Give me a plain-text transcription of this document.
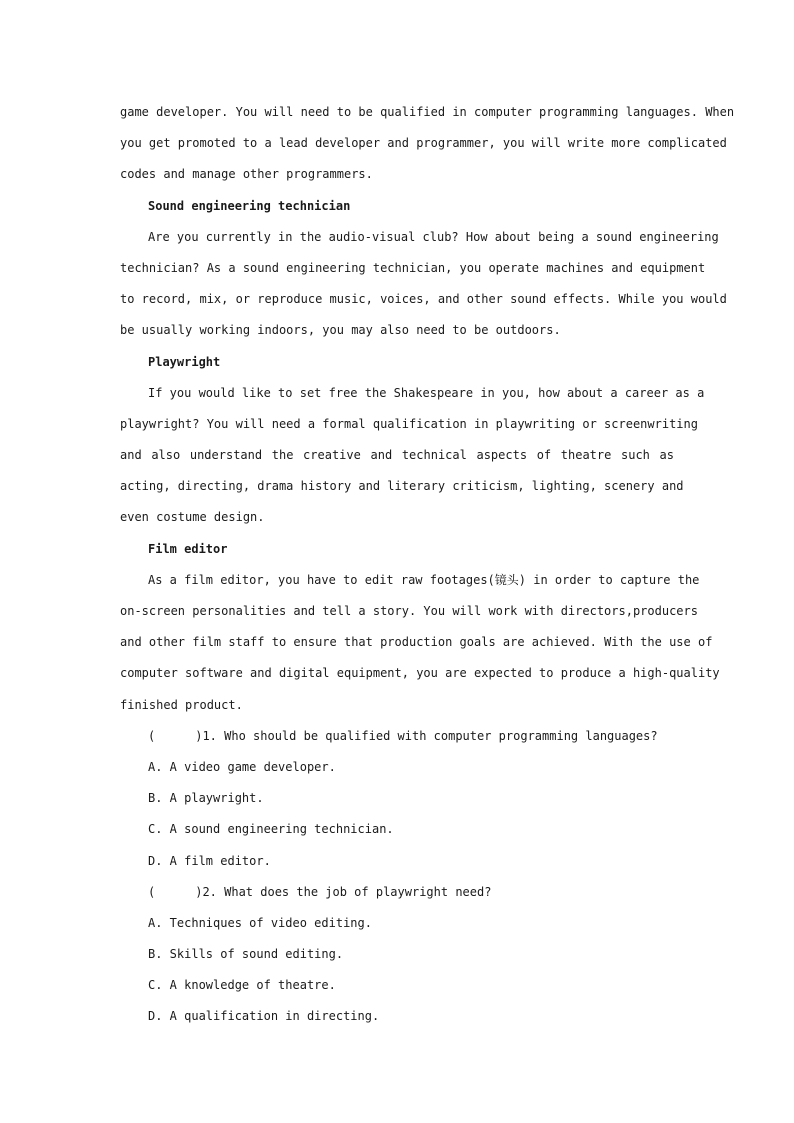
game developer. You will need to be qualified in computer programming languages. When
you get promoted to a lead developer and programmer, you will write more complicated
codes and manage other programmers.
Sound engineering technician
Are you currently in the audio-visual club? How about being a sound engineering
technician? As a sound engineering technician, you operate machines and equipment
to record, mix, or reproduce music, voices, and other sound effects. While you would
be usually working indoors, you may also need to be outdoors.
Playwright
If you would like to set free the Shakespeare in you, how about a career as a
playwright? You will need a formal qualification in playwriting or screenwriting
and also understand the creative and technical aspects of theatre such as
acting, directing, drama history and literary criticism, lighting, scenery and
even costume design.
Film editor
As a film editor, you have to edit raw footages(镜头) in order to capture the
on-screen personalities and tell a story. You will work with directors,producers
and other film staff to ensure that production goals are achieved. With the use of
computer software and digital equipment, you are expected to produce a high-quality
finished product.
(	)1. Who should be qualified with computer programming languages?
A. A video game developer.
B. A playwright.
C. A sound engineering technician.
D. A film editor.
(	)2. What does the job of playwright need?
A. Techniques of video editing.
B. Skills of sound editing.
C. A knowledge of theatre.
D. A qualification in directing.
